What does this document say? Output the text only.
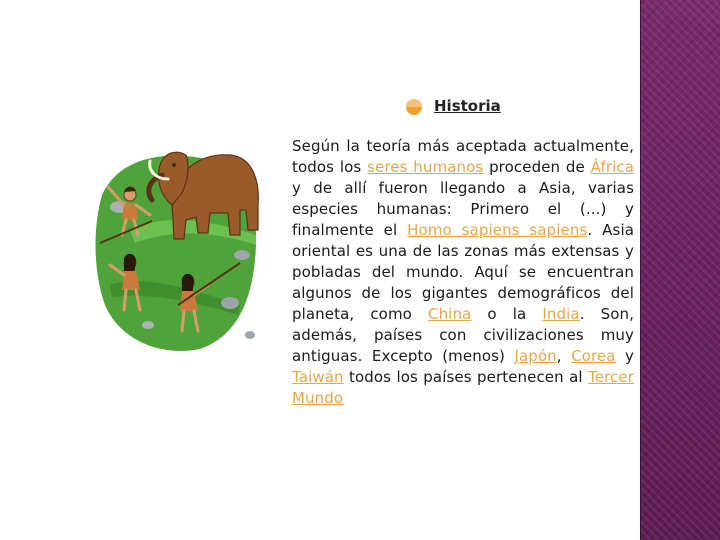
Historia
Según la teoría más aceptada actualmente, todos los seres humanos proceden de África y de allí fueron llegando a Asia, varias especies humanas: Primero el (...) y finalmente el Homo sapiens sapiens. Asia oriental es una de las zonas más extensas y pobladas del mundo. Aquí se encuentran algunos de los gigantes demográficos del planeta, como China o la India. Son, además, países con civilizaciones muy antiguas. Excepto (menos) Japón, Corea y Taiwán todos los países pertenecen al Tercer Mundo
